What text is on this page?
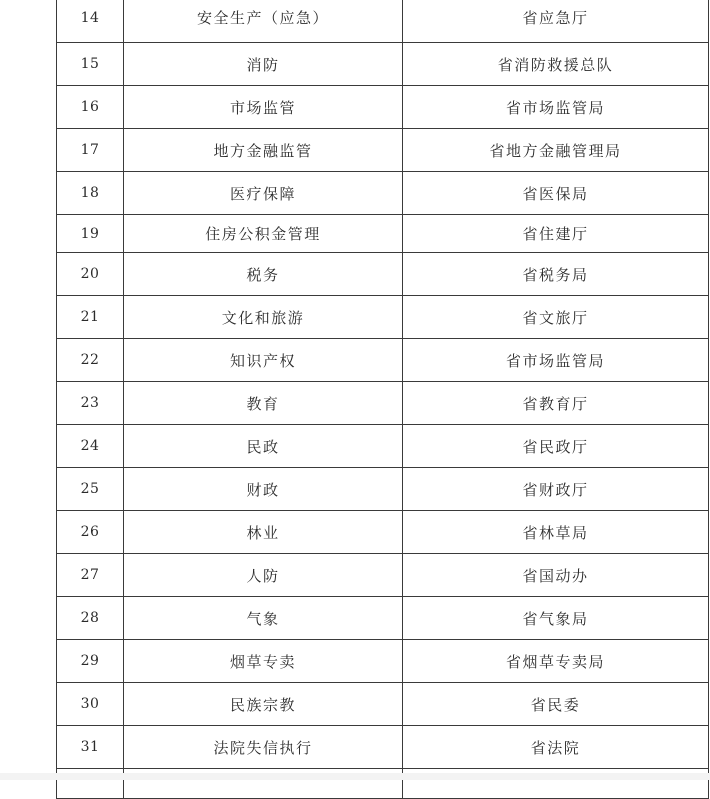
14	安全生产（应急）	省应急厅
15	消防	省消防救援总队
16	市场监管	省市场监管局
17	地方金融监管	省地方金融管理局
18	医疗保障	省医保局
19	住房公积金管理	省住建厅
20	税务	省税务局
21	文化和旅游	省文旅厅
22	知识产权	省市场监管局
23	教育	省教育厅
24	民政	省民政厅
25	财政	省财政厅
26	林业	省林草局
27	人防	省国动办
28	气象	省气象局
29	烟草专卖	省烟草专卖局
30	民族宗教	省民委
31	法院失信执行	省法院
